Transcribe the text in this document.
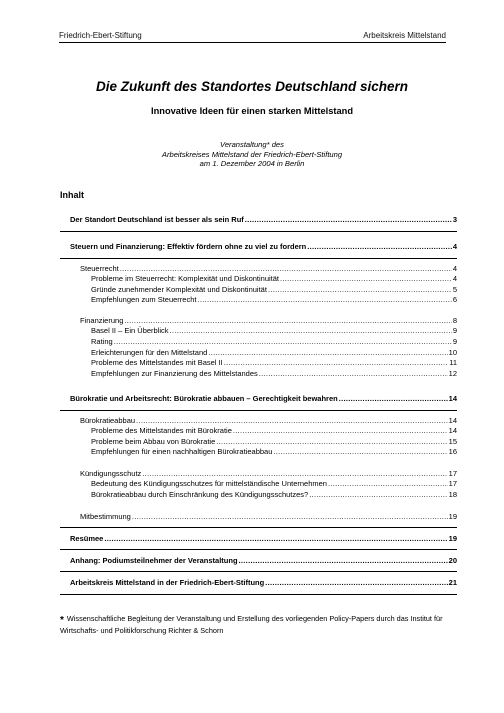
Friedrich-Ebert-Stiftung	Arbeitskreis Mittelstand
Die Zukunft des Standortes Deutschland sichern
Innovative Ideen für einen starken Mittelstand
Veranstaltung* des
Arbeitskreises Mittelstand der Friedrich-Ebert-Stiftung
am 1. Dezember 2004 in Berlin
Inhalt
Der Standort Deutschland ist besser als sein Ruf .....	3
Steuern und Finanzierung: Effektiv fördern ohne zu viel zu fordern .....	4
Steuerrecht .....	4
Probleme im Steuerrecht: Komplexität und Diskontinuität .....	4
Gründe zunehmender Komplexität und Diskontinuität .....	5
Empfehlungen zum Steuerrecht .....	6
Finanzierung .....	8
Basel II – Ein Überblick .....	9
Rating .....	9
Erleichterungen für den Mittelstand .....	10
Probleme des Mittelstandes mit Basel II .....	11
Empfehlungen zur Finanzierung des Mittelstandes .....	12
Bürokratie und Arbeitsrecht: Bürokratie abbauen – Gerechtigkeit bewahren .....	14
Bürokratieabbau .....	14
Probleme des Mittelstandes mit Bürokratie .....	14
Probleme beim Abbau von Bürokratie .....	15
Empfehlungen für einen nachhaltigen Bürokratieabbau .....	16
Kündigungsschutz .....	17
Bedeutung des Kündigungsschutzes für mittelständische Unternehmen .....	17
Bürokratieabbau durch Einschränkung des Kündigungsschutzes? .....	18
Mitbestimmung .....	19
Resümee .....	19
Anhang: Podiumsteilnehmer der Veranstaltung .....	20
Arbeitskreis Mittelstand in der Friedrich-Ebert-Stiftung .....	21
* Wissenschaftliche Begleitung der Veranstaltung und Erstellung des vorliegenden Policy-Papers durch das Institut für Wirtschafts- und Politikforschung Richter & Schorn
